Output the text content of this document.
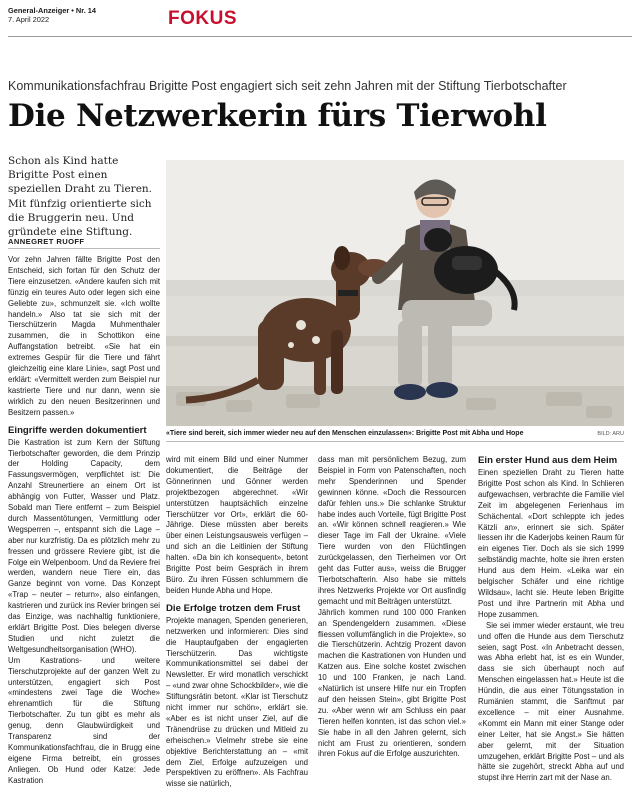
General-Anzeiger • Nr. 14
7. April 2022	FOKUS
Kommunikationsfachfrau Brigitte Post engagiert sich seit zehn Jahren mit der Stiftung Tierbotschafter
Die Netzwerkerin fürs Tierwohl

Schon als Kind hatte Brigitte Post einen speziellen Draht zu Tieren. Mit fünfzig orientierte sich die Bruggerin neu. Und gründete eine Stiftung.

ANNEGRET RUOFF
«Tiere sind bereit, sich immer wieder neu auf den Menschen einzulassen»: Brigitte Post mit Abha und Hope	BILD: ARU

Vor zehn Jahren fällte Brigitte Post den Entscheid, sich fortan für den Schutz der Tiere einzusetzen. «Andere kaufen sich mit fünzig ein teures Auto oder legen sich eine Geliebte zu», schmunzelt sie. «Ich wollte handeln.» Also tat sie sich mit der Tierschützerin Magda Muhmenthaler zusammen, die in Schottikon eine Auffangstation betreibt. «Sie hat ein extremes Gespür für die Tiere und fährt gleichzeitig eine klare Linie», sagt Post und erklärt: «Vermittelt werden zum Beispiel nur kastrierte Tiere und nur dann, wenn sie wirklich zu den neuen Besitzerinnen und Besitzern passen.»

Eingriffe werden dokumentiert

Die Kastration ist zum Kern der Stiftung Tierbotschafter geworden, die dem Prinzip der Holding Capacity, dem Fassungsvermögen, verpflichtet ist: Die Anzahl Streunertiere an einem Ort ist abhängig von Futter, Wasser und Platz. Sobald man Tiere entfernt – zum Beispiel durch Massentötungen, Vermittlung oder Wegsperren –, entspannt sich die Lage – aber nur kurzfristig. Da es plötzlich mehr zu fressen und grössere Reviere gibt, ist die Folge ein Welpenboom. Und da Reviere frei werden, wandern neue Tiere ein, das Ganze beginnt von vorne. Das Konzept «Trap – neuter – return», also einfangen, kastrieren und zurück ins Revier bringen sei das Einzige, was nachhaltig funktioniere, erklärt Brigitte Post. Dies belegen diverse Studien und nicht zuletzt die Weltgesundheitsorganisation (WHO).

Um Kastrations- und weitere Tierschutzprojekte auf der ganzen Welt zu unterstützen, engagiert sich Post «mindestens zwei Tage die Woche» ehrenamtlich für die Stiftung Tierbotschafter. Zu tun gibt es mehr als genug, denn Glaubwürdigkeit und Transparenz sind der Kommunikationsfachfrau, die in Brugg eine eigene Firma betreibt, ein grosses Anliegen. Ob Hund oder Katze: Jede Kastration

wird mit einem Bild und einer Nummer dokumentiert, die Beiträge der Gönnerinnen und Gönner werden projektbezogen abgerechnet. «Wir unterstützen hauptsächlich einzelne Tierschützer vor Ort», erklärt die 60-Jährige. Diese müssten aber bereits über einen Leistungsausweis verfügen – und sich an die Leitlinien der Stiftung halten. «Da bin ich konsequent», betont Brigitte Post beim Gespräch in ihrem Büro. Zu ihren Füssen schlummern die beiden Hunde Abha und Hope.

Die Erfolge trotzen dem Frust

Projekte managen, Spenden generieren, netzwerken und informieren: Dies sind die Hauptaufgaben der engagierten Tierschützerin. Das wichtigste Kommunikationsmittel sei dabei der Newsletter. Er wird monatlich verschickt – «und zwar ohne Schockbilder», wie die Stiftungsrätin betont. «Klar ist Tierschutz nicht immer nur schön», erklärt sie. «Aber es ist nicht unser Ziel, auf die Tränendrüse zu drücken und Mitleid zu erheischen.» Vielmehr strebe sie eine objektive Berichterstattung an – «mit dem Ziel, Erfolge aufzuzeigen und Perspektiven zu eröffnen». Als Fachfrau wisse sie natürlich,

dass man mit persönlichem Bezug, zum Beispiel in Form von Patenschaften, noch mehr Spenderinnen und Spender gewinnen könne. «Doch die Ressourcen dafür fehlen uns.» Die schlanke Struktur habe indes auch Vorteile, fügt Brigitte Post an. «Wir können schnell reagieren.» Wie dieser Tage im Fall der Ukraine. «Viele Tiere wurden von den Flüchtlingen zurückgelassen, den Tierheimen vor Ort geht das Futter aus», weiss die Brugger Tierbotschafterin. Also habe sie mittels ihres Netzwerks Projekte vor Ort ausfindig gemacht und mit Beiträgen unterstützt.

Jährlich kommen rund 100 000 Franken an Spendengeldern zusammen. «Diese fliessen vollumfänglich in die Projekte», so die Tierschützerin. Achtzig Prozent davon machen die Kastrationen von Hunden und Katzen aus. Eine solche kostet zwischen 10 und 100 Franken, je nach Land. «Natürlich ist unsere Hilfe nur ein Tropfen auf den heissen Stein», gibt Brigitte Post zu. «Aber wenn wir am Schluss ein paar Tieren helfen konnten, ist das schon viel.» Sie habe in all den Jahren gelernt, sich nicht am Frust zu orientieren, sondern ihren Fokus auf die Erfolge auszurichten.

Ein erster Hund aus dem Heim

Einen speziellen Draht zu Tieren hatte Brigitte Post schon als Kind. In Schlieren aufgewachsen, verbrachte die Familie viel Zeit im abgelegenen Ferienhaus im Schächental. «Dort schleppte ich jedes Kätzli an», erinnert sie sich. Später liessen ihr die Kaderjobs keinen Raum für ein eigenes Tier. Doch als sie sich 1999 selbständig machte, holte sie ihren ersten Hund aus dem Heim. «Leika war ein belgischer Schäfer und eine richtige Wildsau», lacht sie. Heute leben Brigitte Post und ihre Partnerin mit Abha und Hope zusammen.

Sie sei immer wieder erstaunt, wie treu und offen die Hunde aus dem Tierschutz seien, sagt Post. «In Anbetracht dessen, was Abha erlebt hat, ist es ein Wunder, dass sie sich überhaupt noch auf Menschen eingelassen hat.» Heute ist die Hündin, die aus einer Tötungsstation in Rumänien stammt, die Sanftmut par excellence – mit einer Ausnahme. «Kommt ein Mann mit einer Stange oder einer Leiter, hat sie Angst.» Sie hätten aber gelernt, mit der Situation umzugehen, erklärt Brigitte Post – und als hätte sie zugehört, streckt Abha auf und stupst ihre Herrin zart mit der Nase an.
